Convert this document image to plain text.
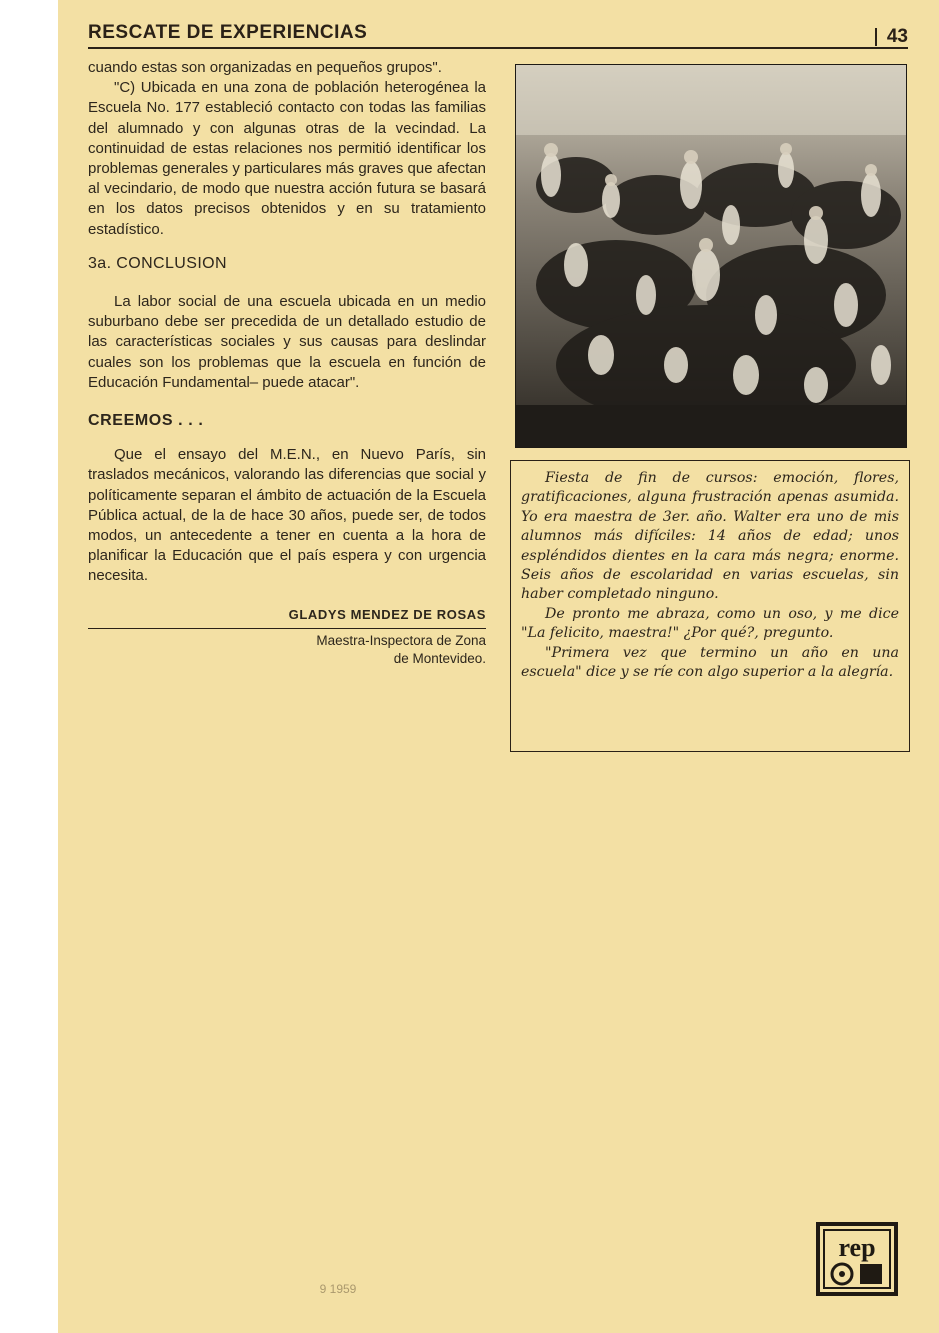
RESCATE DE EXPERIENCIAS	43

cuando estas son organizadas en pequeños grupos".

"C) Ubicada en una zona de población heterogénea la Escuela No. 177 estableció contacto con todas las familias del alumnado y con algunas otras de la vecindad. La continuidad de estas relaciones nos permitió identificar los problemas generales y particulares más graves que afectan al vecindario, de modo que nuestra acción futura se basará en los datos precisos obtenidos y en su tratamiento estadístico.

3a. CONCLUSION

La labor social de una escuela ubicada en un medio suburbano debe ser precedida de un detallado estudio de las características sociales y sus causas para deslindar cuales son los problemas que la escuela en función de Educación Fundamental– puede atacar".

CREEMOS . . .

Que el ensayo del M.E.N., en Nuevo París, sin traslados mecánicos, valorando las diferencias que social y políticamente separan el ámbito de actuación de la Escuela Pública actual, de la de hace 30 años, puede ser, de todos modos, un antecedente a tener en cuenta a la hora de planificar la Educación que el país espera y con urgencia necesita.

GLADYS MENDEZ DE ROSAS
Maestra-Inspectora de Zona
de Montevideo.

Fiesta de fin de cursos: emoción, flores, gratificaciones, alguna frustración apenas asumida. Yo era maestra de 3er. año. Walter era uno de mis alumnos más difíciles: 14 años de edad; unos espléndidos dientes en la cara más negra; enorme. Seis años de escolaridad en varias escuelas, sin haber completado ninguno.

De pronto me abraza, como un oso, y me dice "La felicito, maestra!" ¿Por qué?, pregunto.

"Primera vez que termino un año en una escuela" dice y se ríe con algo superior a la alegría.

rep
9 1959
